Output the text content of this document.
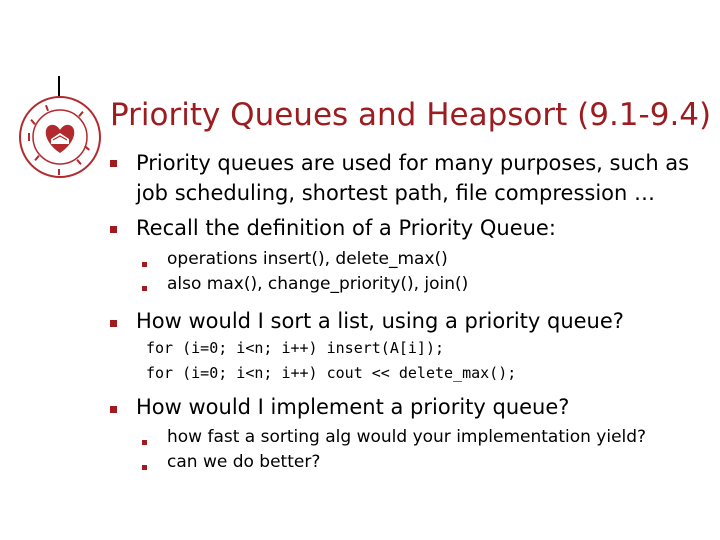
Priority Queues and Heapsort (9.1-9.4)
Priority queues are used for many purposes, such as
job scheduling, shortest path, file compression …
Recall the definition of a Priority Queue:
operations insert(), delete_max()
also max(), change_priority(), join()
How would I sort a list, using a priority queue?
for (i=0; i<n; i++) insert(A[i]);
for (i=0; i<n; i++) cout << delete_max();
How would I implement a priority queue?
how fast a sorting alg would your implementation yield?
can we do better?
